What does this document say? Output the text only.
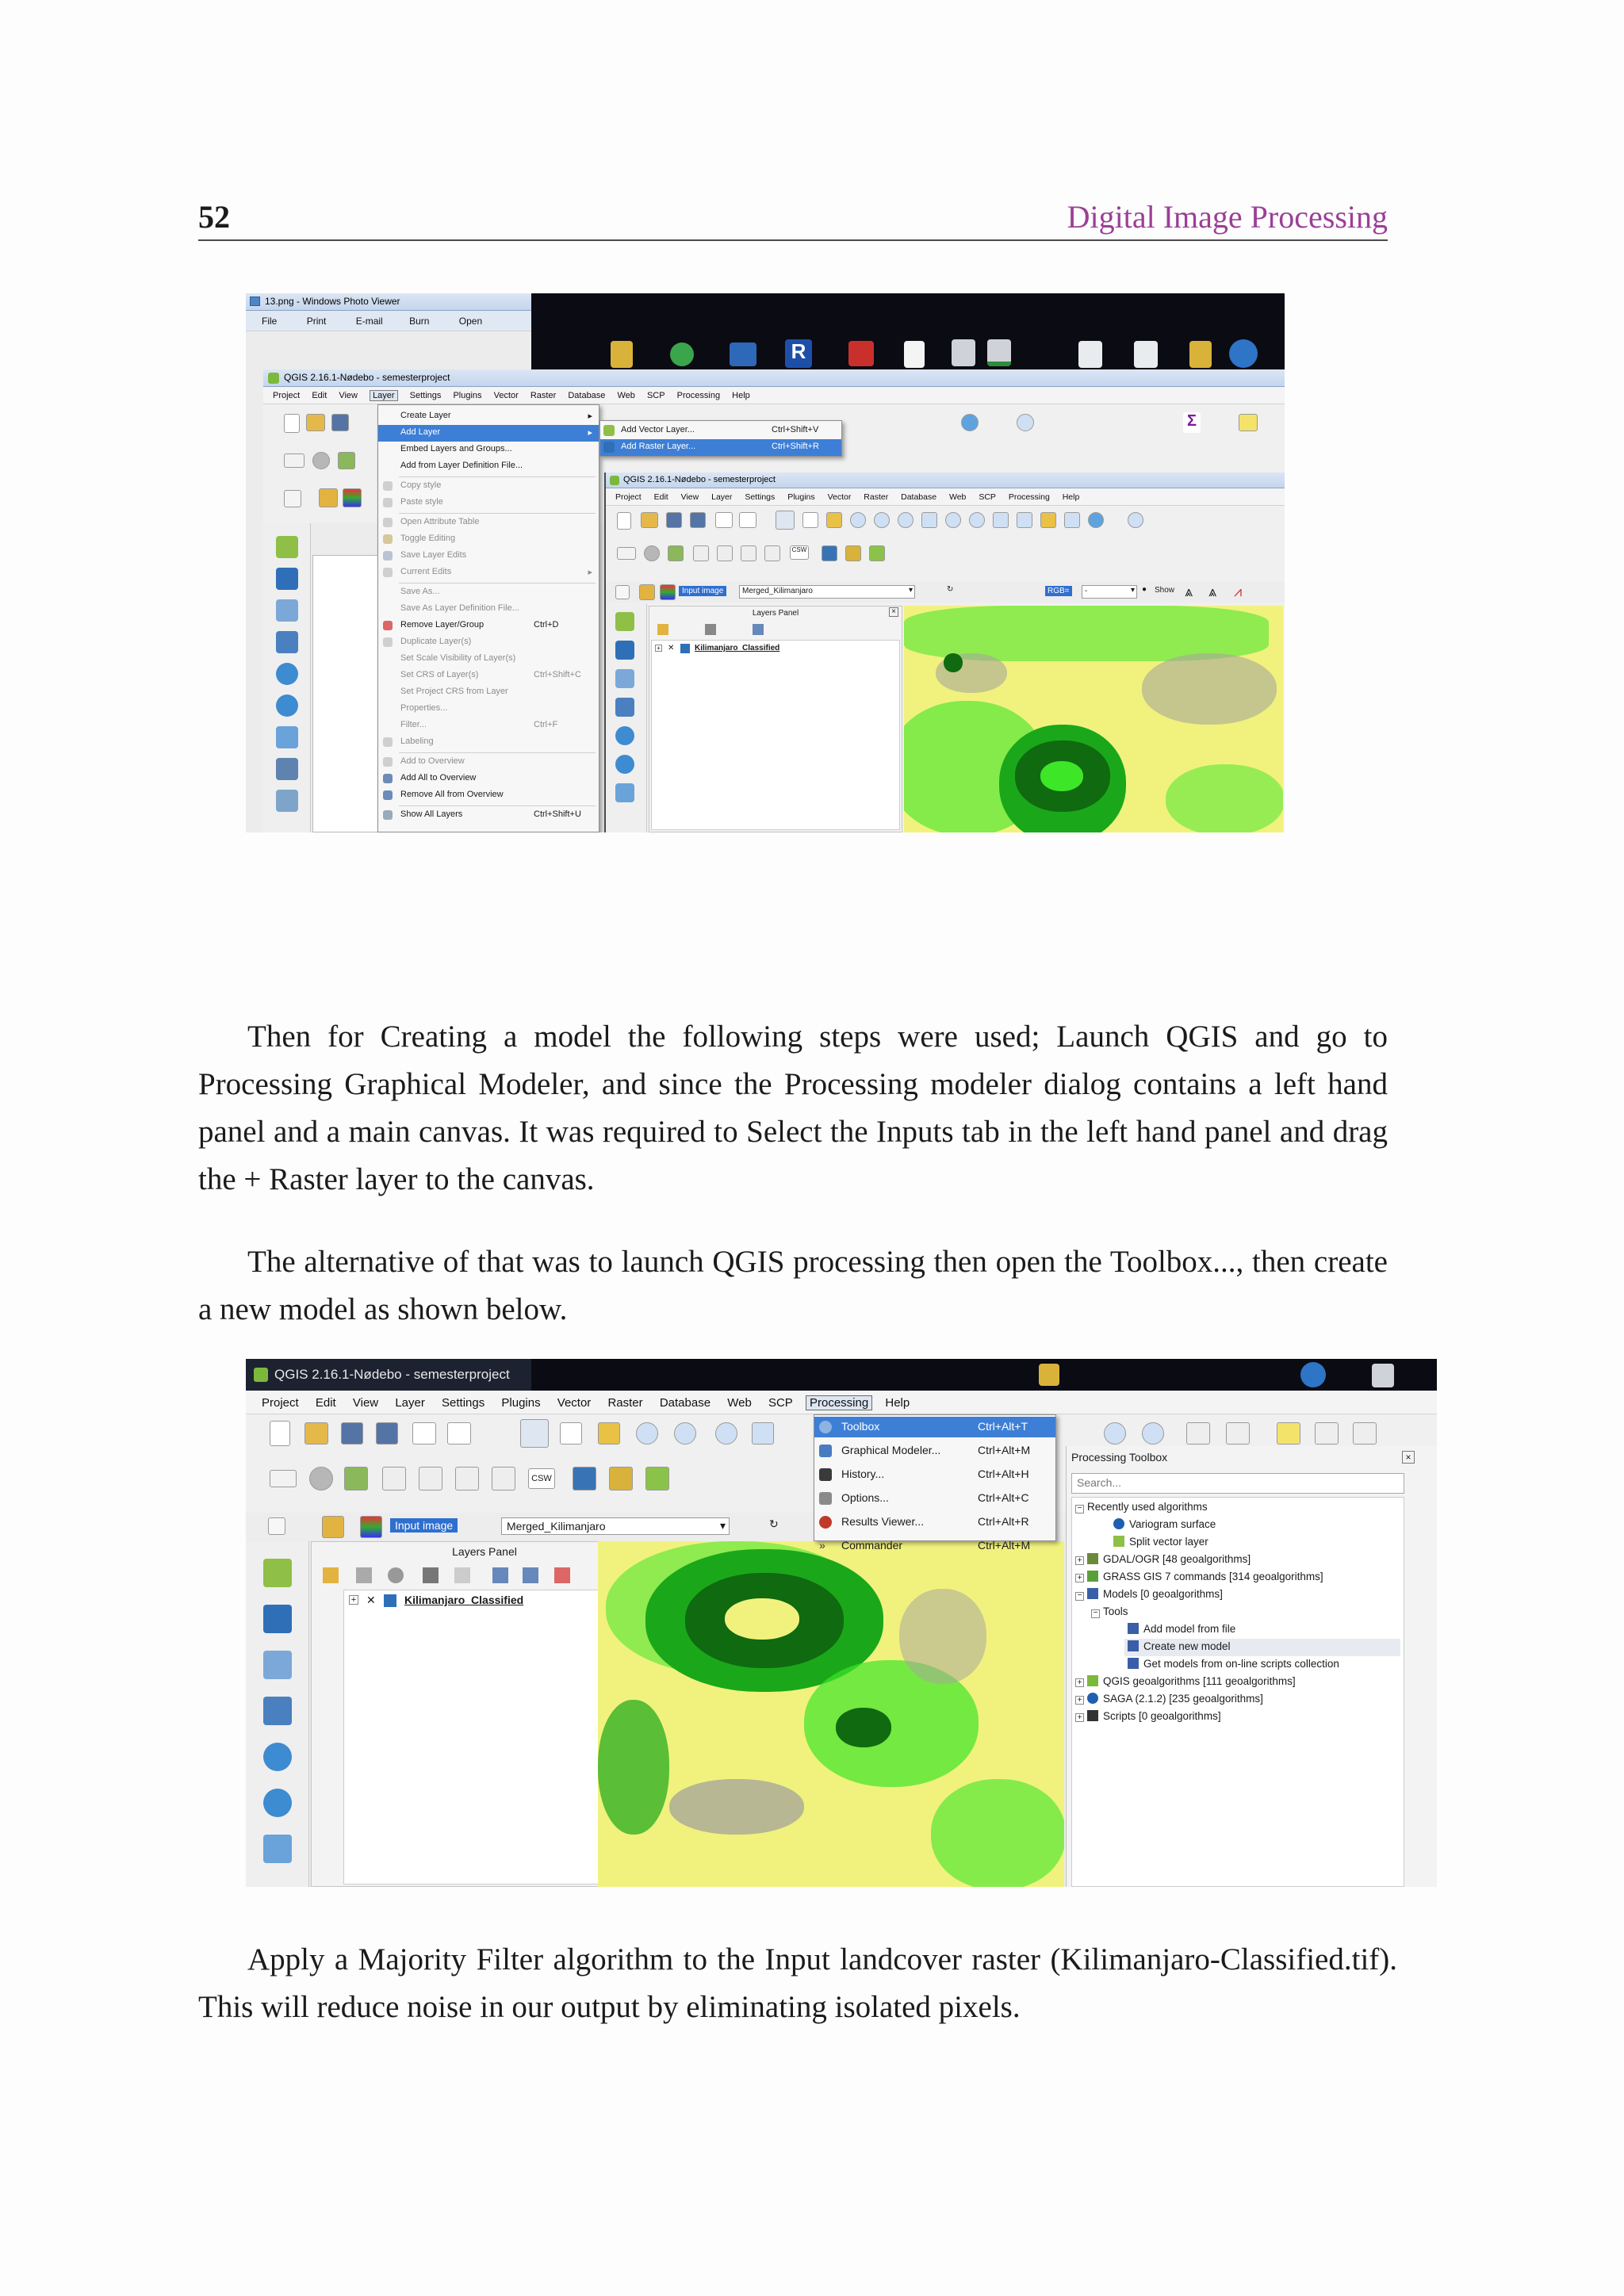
52	Digital Image Processing
13.png - Windows Photo Viewer
File	Print	E-mail	Burn	Open
R
QGIS 2.16.1-Nødebo - semesterproject
Project Edit View Layer Settings Plugins Vector Raster Database Web SCP Processing Help
Σ
Create Layer	▸
Add Layer	▸
Embed Layers and Groups...
Add from Layer Definition File...
Copy style
Paste style
Open Attribute Table
Toggle Editing
Save Layer Edits
Current Edits	▸
Save As...
Save As Layer Definition File...
Remove Layer/Group	Ctrl+D
Duplicate Layer(s)
Set Scale Visibility of Layer(s)
Set CRS of Layer(s)	Ctrl+Shift+C
Set Project CRS from Layer
Properties...
Filter...	Ctrl+F
Labeling
Add to Overview
Add All to Overview
Remove All from Overview
Show All Layers	Ctrl+Shift+U
Add Vector Layer...	Ctrl+Shift+V
Add Raster Layer...	Ctrl+Shift+R
QGIS 2.16.1-Nødebo - semesterproject
Project Edit View Layer Settings Plugins Vector Raster Database Web SCP Processing Help
CSW
Input image	Merged_Kilimanjaro	▾	↻	RGB=	-	▾ ● Show ⩓ ⩓ ⩘
Layers Panel	×
+ ✕	Kilimanjaro_Classified

Then for Creating a model the following steps were used; Launch QGIS and go to Processing Graphical Modeler, and since the Processing modeler dialog contains a left hand panel and a main canvas. It was required to Select the Inputs tab in the left hand panel and drag the + Raster layer to the canvas.

The alternative of that was to launch QGIS processing then open the Toolbox..., then create a new model as shown below.

QGIS 2.16.1-Nødebo - semesterproject
Project Edit View Layer Settings Plugins Vector Raster Database Web SCP Processing Help
CSW
Input image	Merged_Kilimanjaro	▾	↻
Layers Panel
+ ✕	Kilimanjaro_Classified
Toolbox	Ctrl+Alt+T
Graphical Modeler...	Ctrl+Alt+M
History...	Ctrl+Alt+H
Options...	Ctrl+Alt+C
Results Viewer...	Ctrl+Alt+R
»	Commander	Ctrl+Alt+M
Processing Toolbox	×
Search...
− Recently used algorithms
Variogram surface
Split vector layer
+ GDAL/OGR [48 geoalgorithms]
+ GRASS GIS 7 commands [314 geoalgorithms]
− Models [0 geoalgorithms]
− Tools
Add model from file
Create new model
Get models from on-line scripts collection
+ QGIS geoalgorithms [111 geoalgorithms]
+ SAGA (2.1.2) [235 geoalgorithms]
+ Scripts [0 geoalgorithms]

Apply a Majority Filter algorithm to the Input landcover raster (Kilimanjaro-Classified.tif). This will reduce noise in our output by eliminating isolated pixels.
